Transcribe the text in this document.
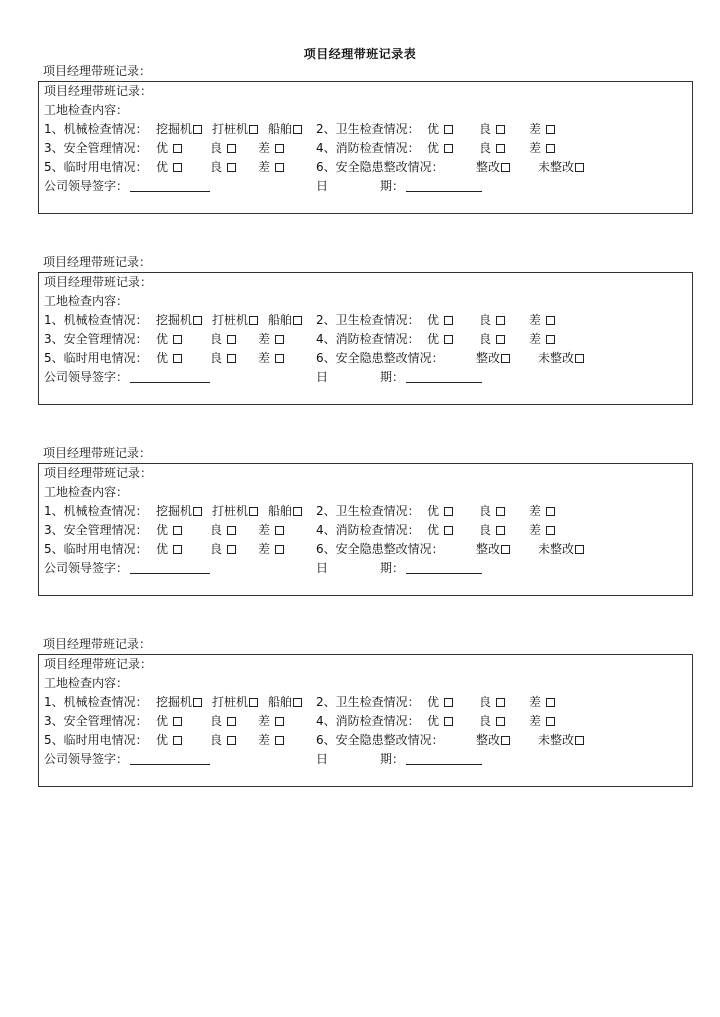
项目经理带班记录表
项目经理带班记录：
项目经理带班记录：
工地检查内容：
1、机械检查情况： 挖掘机	打桩机	船舶	2、卫生检查情况： 优	良	差
3、安全管理情况： 优	良	差	4、消防检查情况： 优	良	差
5、临时用电情况： 优	良	差	6、安全隐患整改情况：	整改	未整改
公司领导签字：	日	期：
项目经理带班记录：
项目经理带班记录：
工地检查内容：
1、机械检查情况： 挖掘机	打桩机	船舶	2、卫生检查情况： 优	良	差
3、安全管理情况： 优	良	差	4、消防检查情况： 优	良	差
5、临时用电情况： 优	良	差	6、安全隐患整改情况：	整改	未整改
公司领导签字：	日	期：
项目经理带班记录：
项目经理带班记录：
工地检查内容：
1、机械检查情况： 挖掘机	打桩机	船舶	2、卫生检查情况： 优	良	差
3、安全管理情况： 优	良	差	4、消防检查情况： 优	良	差
5、临时用电情况： 优	良	差	6、安全隐患整改情况：	整改	未整改
公司领导签字：	日	期：
项目经理带班记录：
项目经理带班记录：
工地检查内容：
1、机械检查情况： 挖掘机	打桩机	船舶	2、卫生检查情况： 优	良	差
3、安全管理情况： 优	良	差	4、消防检查情况： 优	良	差
5、临时用电情况： 优	良	差	6、安全隐患整改情况：	整改	未整改
公司领导签字：	日	期：
